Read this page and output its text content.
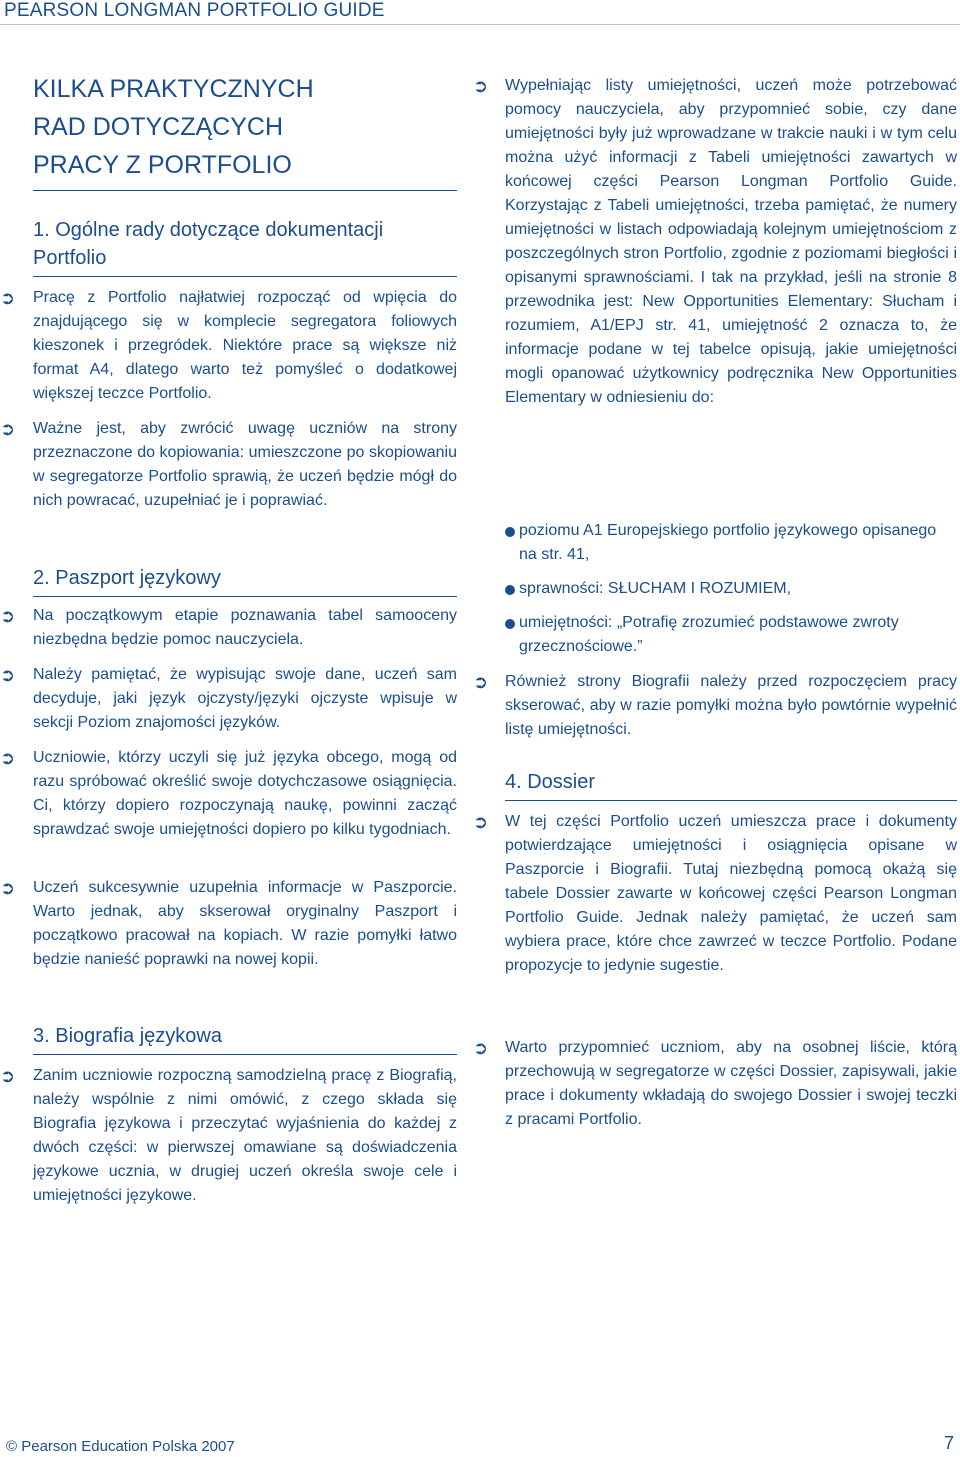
PEARSON LONGMAN PORTFOLIO GUIDE
KILKA PRAKTYCZNYCH
RAD DOTYCZĄCYCH
PRACY Z PORTFOLIO
1. Ogólne rady dotyczące dokumentacji
Portfolio
➲	Pracę z Portfolio najłatwiej rozpocząć od wpięcia do znajdującego się w komplecie segregatora foliowych kieszonek i przegródek. Niektóre prace są większe niż format A4, dlatego warto też pomyśleć o dodatkowej większej teczce Portfolio.
➲	Ważne jest, aby zwrócić uwagę uczniów na strony przeznaczone do kopiowania: umieszczone po skopiowaniu w segregatorze Portfolio sprawią, że uczeń będzie mógł do nich powracać, uzupełniać je i poprawiać.
2. Paszport językowy
➲	Na początkowym etapie poznawania tabel samooceny niezbędna będzie pomoc nauczyciela.
➲	Należy pamiętać, że wypisując swoje dane, uczeń sam decyduje, jaki język ojczysty/języki ojczyste wpisuje w sekcji Poziom znajomości języków.
➲	Uczniowie, którzy uczyli się już języka obcego, mogą od razu spróbować określić swoje dotychczasowe osiągnięcia. Ci, którzy dopiero rozpoczynają naukę, powinni zacząć sprawdzać swoje umiejętności dopiero po kilku tygodniach.
➲	Uczeń sukcesywnie uzupełnia informacje w Paszporcie. Warto jednak, aby skserował oryginalny Paszport i początkowo pracował na kopiach. W razie pomyłki łatwo będzie nanieść poprawki na nowej kopii.
3. Biografia językowa
➲	Zanim uczniowie rozpoczną samodzielną pracę z Biografią, należy wspólnie z nimi omówić, z czego składa się Biografia językowa i przeczytać wyjaśnienia do każdej z dwóch części: w pierwszej omawiane są doświadczenia językowe ucznia, w drugiej uczeń określa swoje cele i umiejętności językowe.
➲	Wypełniając listy umiejętności, uczeń może potrzebować pomocy nauczyciela, aby przypomnieć sobie, czy dane umiejętności były już wprowadzane w trakcie nauki i w tym celu można użyć informacji z Tabeli umiejętności zawartych w końcowej części Pearson Longman Portfolio Guide. Korzystając z Tabeli umiejętności, trzeba pamiętać, że numery umiejętności w listach odpowiadają kolejnym umiejętnościom z poszczególnych stron Portfolio, zgodnie z poziomami biegłości i opisanymi sprawnościami. I tak na przykład, jeśli na stronie 8 przewodnika jest: New Opportunities Elementary: Słucham i rozumiem, A1/EPJ str. 41, umiejętność 2 oznacza to, że informacje podane w tej tabelce opisują, jakie umiejętności mogli opanować użytkownicy podręcznika New Opportunities Elementary w odniesieniu do:
poziomu A1 Europejskiego portfolio językowego opisanego na str. 41,
sprawności: SŁUCHAM I ROZUMIEM,
umiejętności: „Potrafię zrozumieć podstawowe zwroty grzecznościowe.”
➲	Również strony Biografii należy przed rozpoczęciem pracy skserować, aby w razie pomyłki można było powtórnie wypełnić listę umiejętności.
4. Dossier
➲	W tej części Portfolio uczeń umieszcza prace i dokumenty potwierdzające umiejętności i osiągnięcia opisane w Paszporcie i Biografii. Tutaj niezbędną pomocą okażą się tabele Dossier zawarte w końcowej części Pearson Longman Portfolio Guide. Jednak należy pamiętać, że uczeń sam wybiera prace, które chce zawrzeć w teczce Portfolio. Podane propozycje to jedynie sugestie.
➲	Warto przypomnieć uczniom, aby na osobnej liście, którą przechowują w segregatorze w części Dossier, zapisywali, jakie prace i dokumenty wkładają do swojego Dossier i swojej teczki z pracami Portfolio.
© Pearson Education Polska 2007	7
